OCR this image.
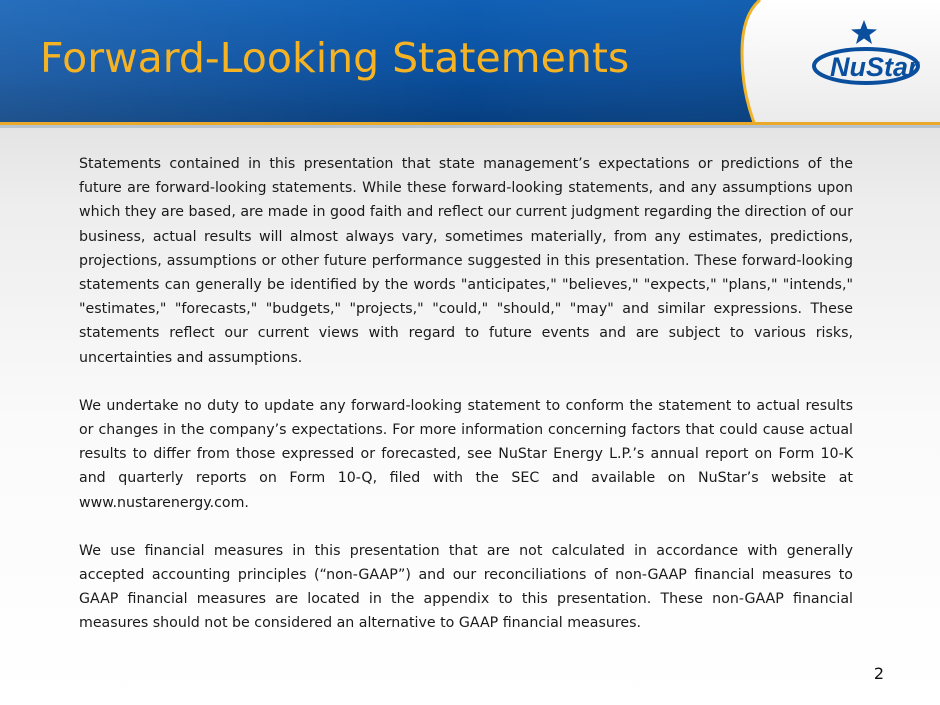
Forward-Looking Statements	NuStar

Statements contained in this presentation that state management’s expectations or predictions of the future are forward-looking statements. While these forward-looking statements, and any assumptions upon which they are based, are made in good faith and reflect our current judgment regarding the direction of our business, actual results will almost always vary, sometimes materially, from any estimates, predictions, projections, assumptions or other future performance suggested in this presentation. These forward-looking statements can generally be identified by the words "anticipates," "believes," "expects," "plans," "intends," "estimates," "forecasts," "budgets," "projects," "could," "should," "may" and similar expressions. These statements reflect our current views with regard to future events and are subject to various risks, uncertainties and assumptions.

We undertake no duty to update any forward-looking statement to conform the statement to actual results or changes in the company’s expectations. For more information concerning factors that could cause actual results to differ from those expressed or forecasted, see NuStar Energy L.P.’s annual report on Form 10-K and quarterly reports on Form 10-Q, filed with the SEC and available on NuStar’s website at www.nustarenergy.com.

We use financial measures in this presentation that are not calculated in accordance with generally accepted accounting principles (“non-GAAP”) and our reconciliations of non-GAAP financial measures to GAAP financial measures are located in the appendix to this presentation. These non-GAAP financial measures should not be considered an alternative to GAAP financial measures.

2
